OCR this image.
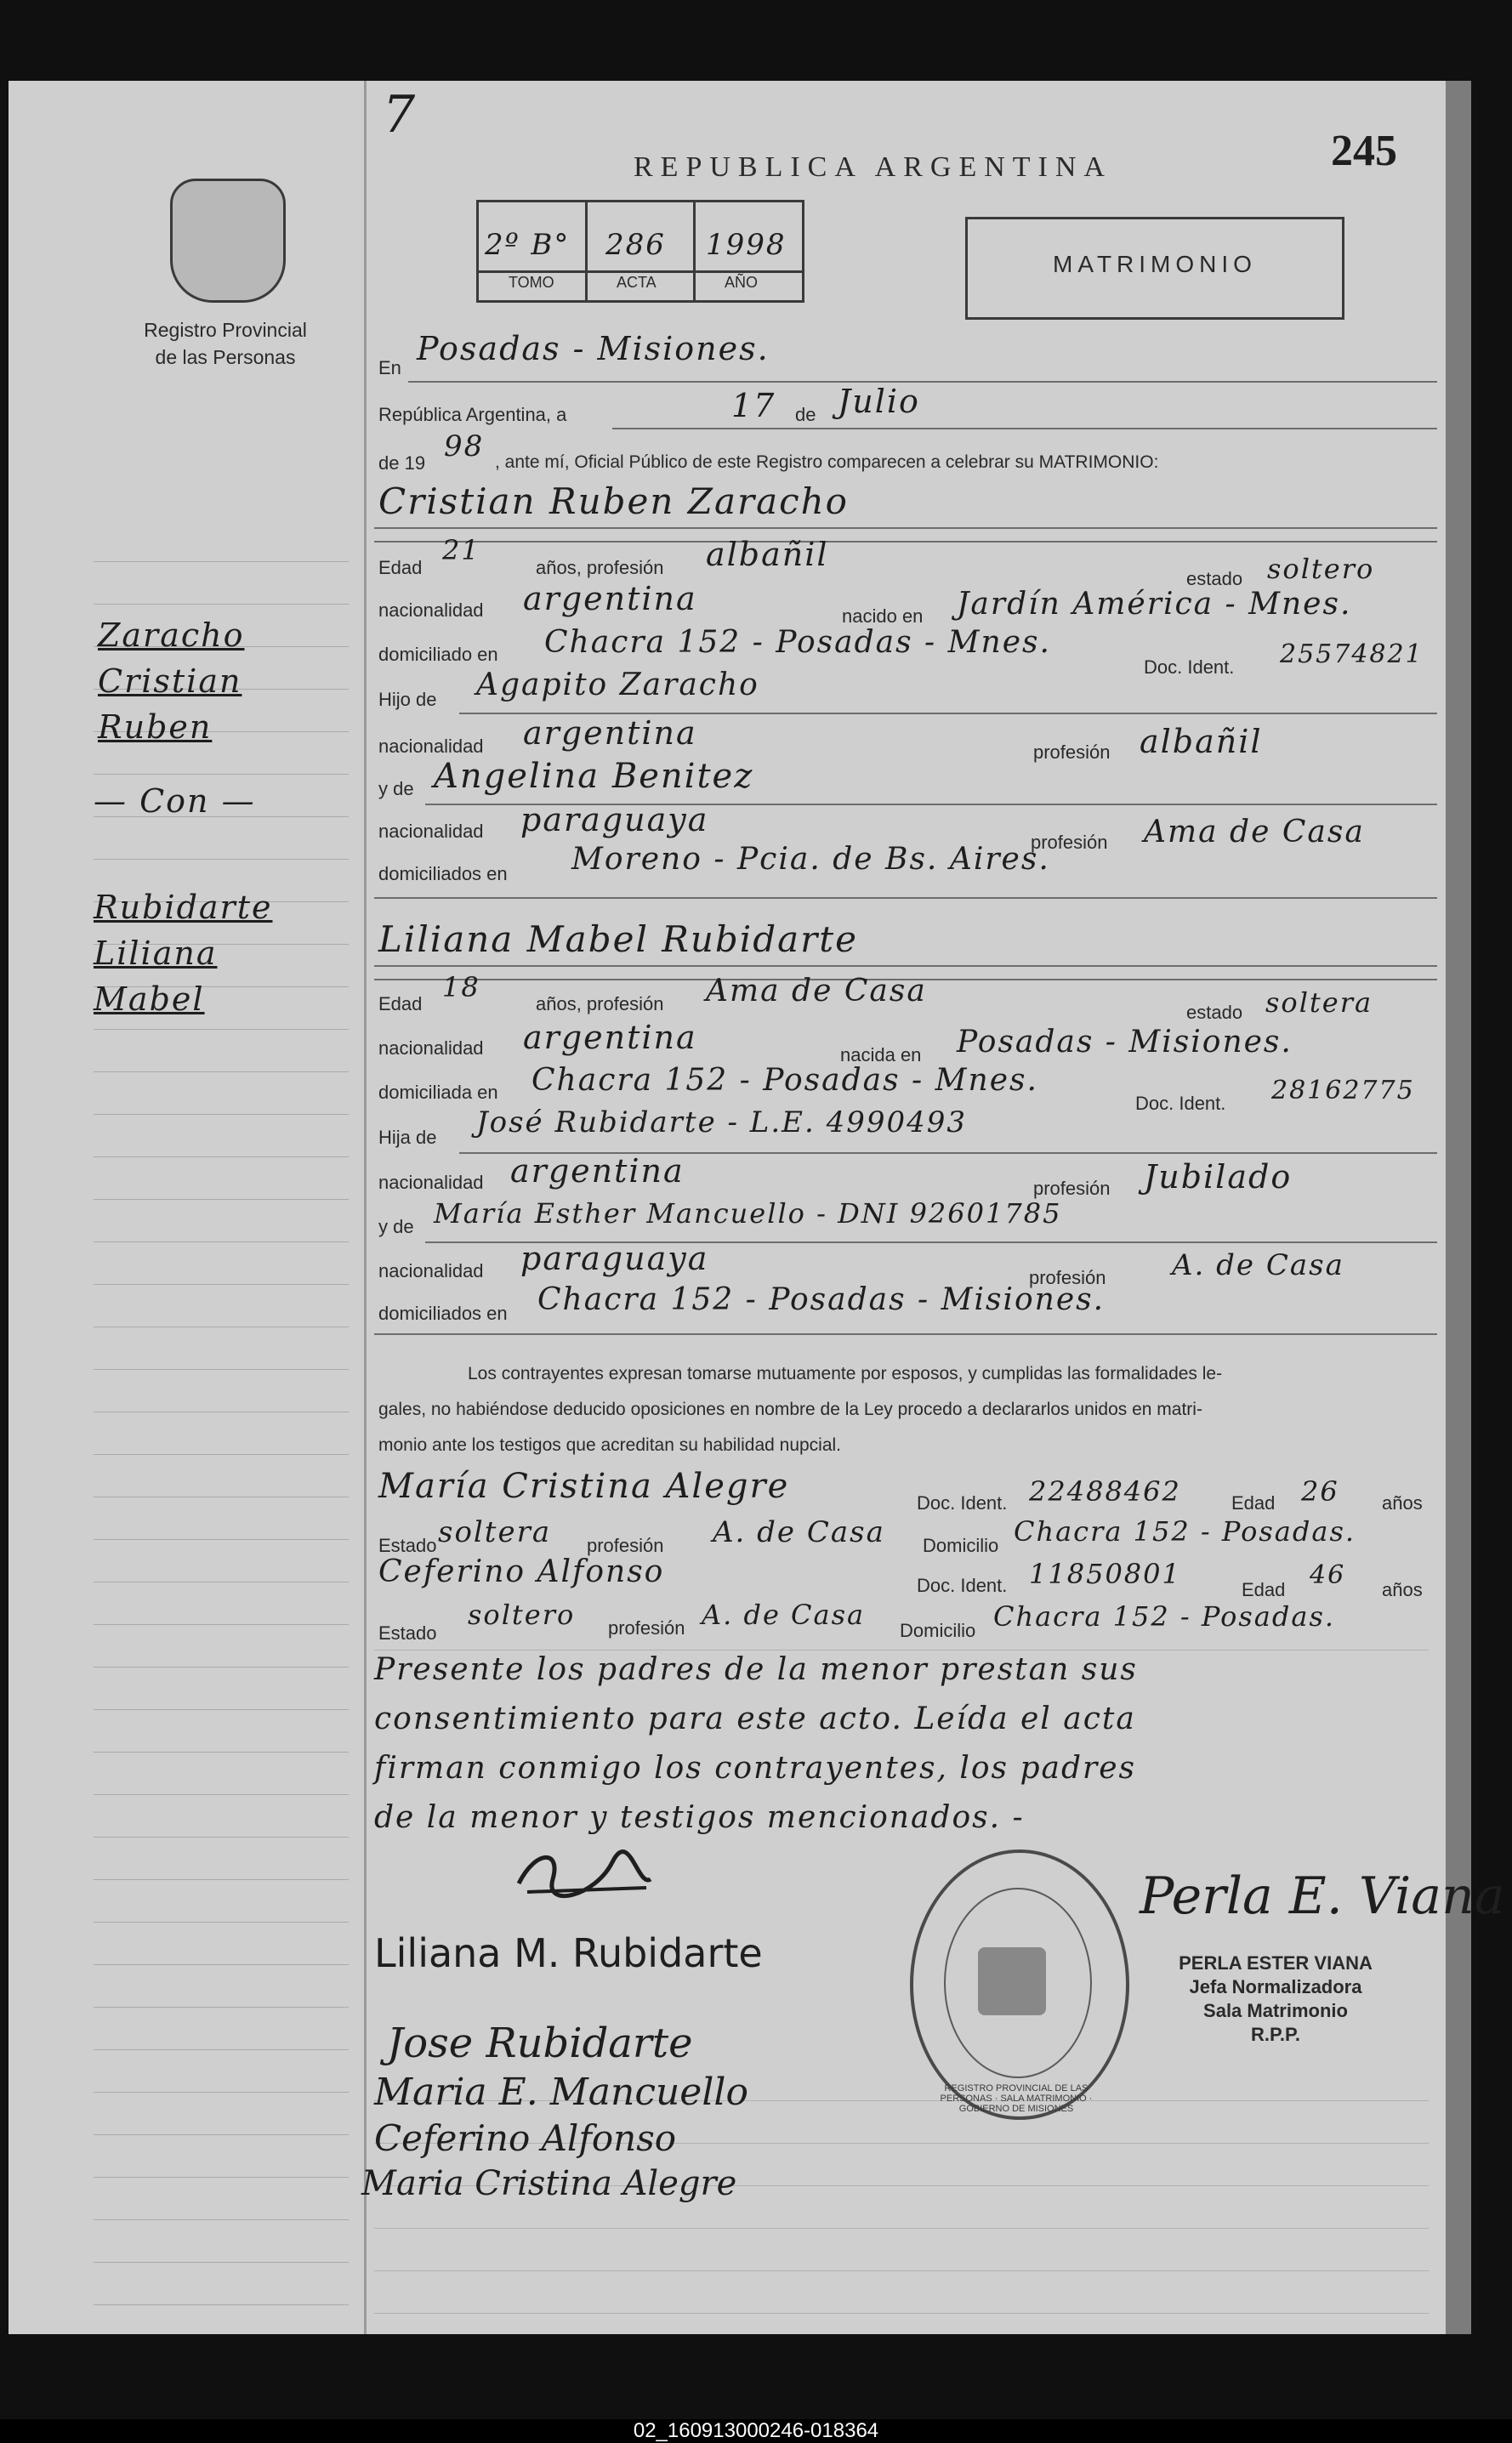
Registro Provincial
de las Personas
7
REPUBLICA ARGENTINA	245
2º B° 286 1998
TOMO	ACTA	AÑO
MATRIMONIO
En
Posadas - Misiones.
República Argentina, a	17 de Julio
de 19 98 , ante mí, Oficial Público de este Registro comparecen a celebrar su MATRIMONIO:
Cristian Ruben Zaracho
Edad
21
años, profesión albañil
estado soltero
nacionalidad argentina	nacido en Jardín América - Mnes.
domiciliado en Chacra 152 - Posadas - Mnes.
Doc. Ident. 25574821
Hijo de Agapito Zaracho
nacionalidad argentina
profesión albañil
y de Angelina Benitez
nacionalidad paraguaya
profesión Ama de Casa
domiciliados en Moreno - Pcia. de Bs. Aires.
Liliana Mabel Rubidarte
Edad
18
años, profesión Ama de Casa
estado soltera
nacionalidad argentina	nacida en Posadas - Misiones.
domiciliada en Chacra 152 - Posadas - Mnes.
Doc. Ident. 28162775
Hija de José Rubidarte - L.E. 4990493
nacionalidad argentina	profesión Jubilado
y de María Esther Mancuello - DNI 92601785
nacionalidad paraguaya
profesión A. de Casa
domiciliados en Chacra 152 - Posadas - Misiones.
Los contrayentes expresan tomarse mutuamente por esposos, y cumplidas las formalidades le-
gales, no habiéndose deducido oposiciones en nombre de la Ley procedo a declararlos unidos en matri-
monio ante los testigos que acreditan su habilidad nupcial.
María Cristina Alegre	Doc. Ident. 22488462	Edad 26 años
Estado soltera profesión A. de Casa Domicilio Chacra 152 - Posadas.
Ceferino Alfonso	Doc. Ident. 11850801	Edad 46 años
Estado
soltero profesión A. de Casa Domicilio Chacra 152 - Posadas.
Presente los padres de la menor prestan sus
consentimiento para este acto. Leída el acta
firman conmigo los contrayentes, los padres
de la menor y testigos mencionados. -
Zaracho
Cristian
Ruben
— Con —
Rubidarte
Liliana
Mabel
Liliana M. Rubidarte
Jose Rubidarte
Maria E. Mancuello
Ceferino Alfonso
Maria Cristina Alegre
REGISTRO PROVINCIAL DE LAS PERSONAS · SALA MATRIMONIO · GOBIERNO DE MISIONES
Perla E. Viana
PERLA ESTER VIANA
Jefa Normalizadora
Sala Matrimonio
R.P.P.
02_160913000246-018364
